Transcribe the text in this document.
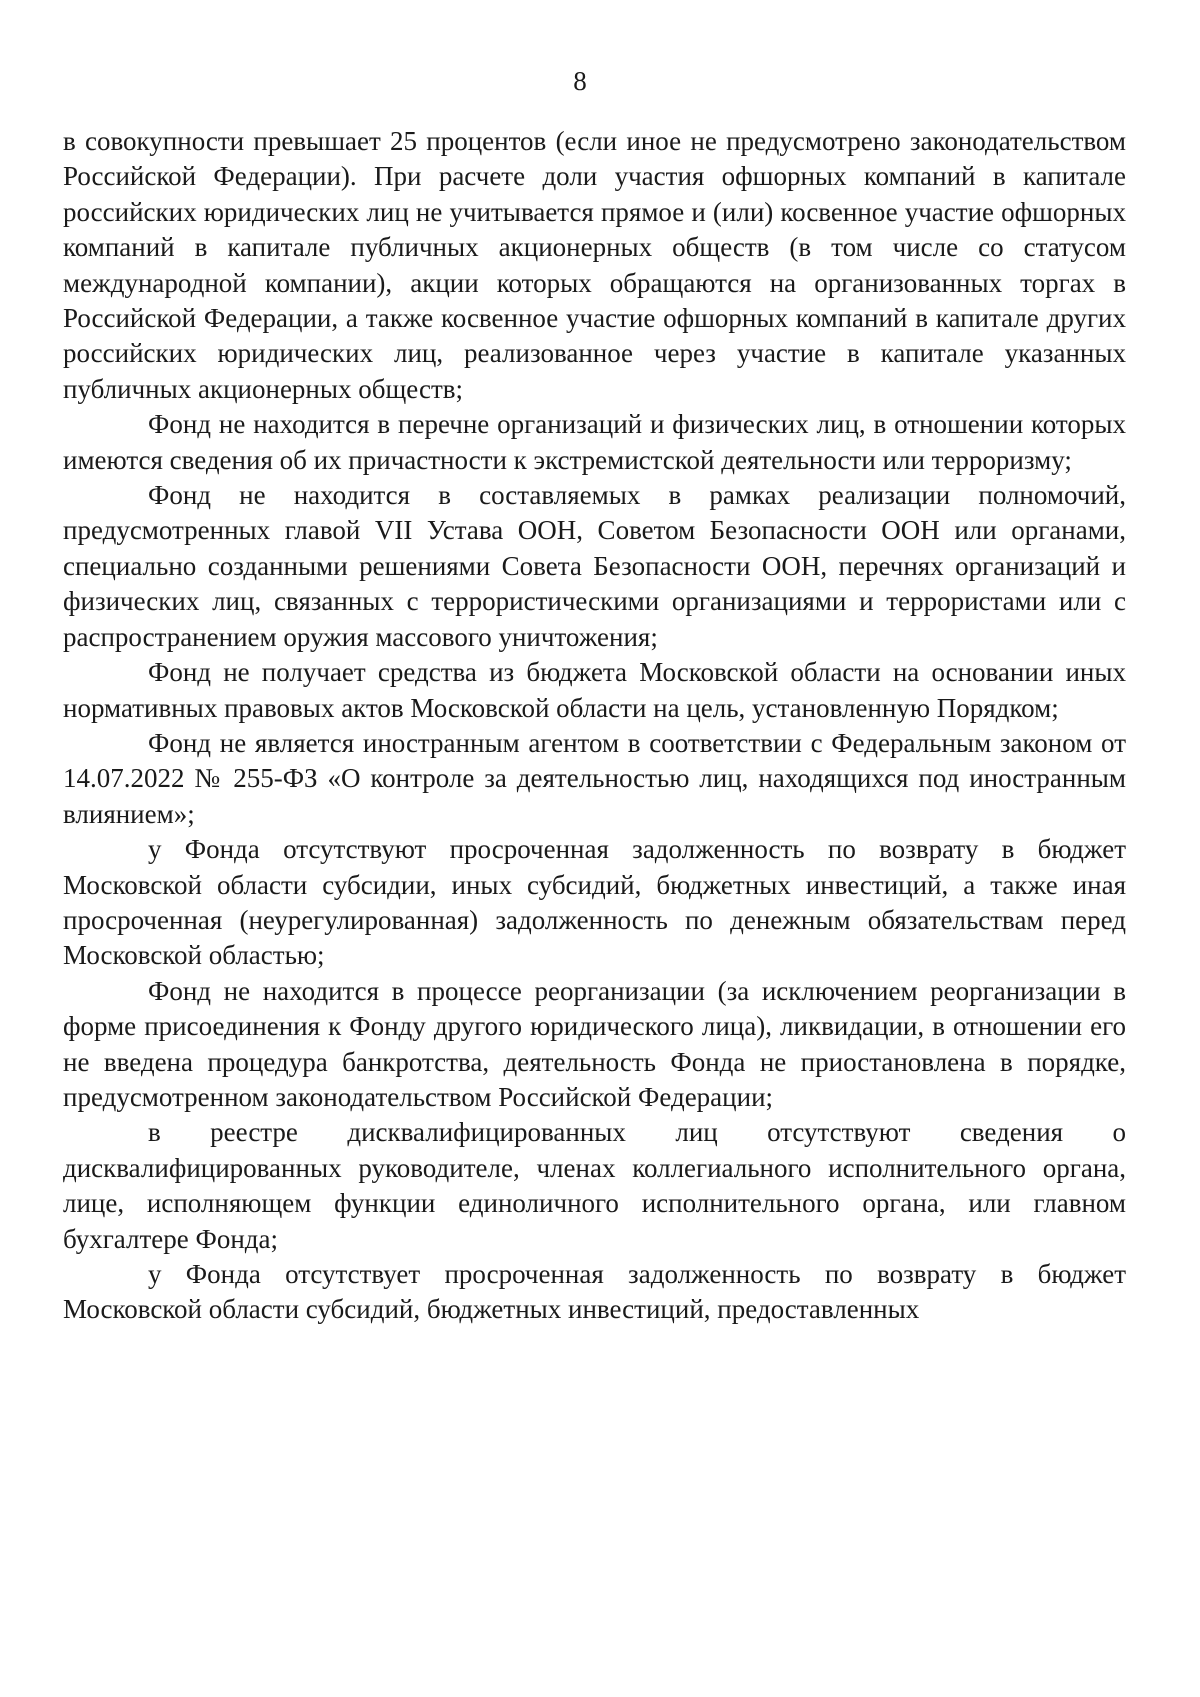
8

в совокупности превышает 25 процентов (если иное не предусмотрено законодательством Российской Федерации). При расчете доли участия офшорных компаний в капитале российских юридических лиц не учитывается прямое и (или) косвенное участие офшорных компаний в капитале публичных акционерных обществ (в том числе со статусом международной компании), акции которых обращаются на организованных торгах в Российской Федерации, а также косвенное участие офшорных компаний в капитале других российских юридических лиц, реализованное через участие в капитале указанных публичных акционерных обществ;

Фонд не находится в перечне организаций и физических лиц, в отношении которых имеются сведения об их причастности к экстремистской деятельности или терроризму;

Фонд не находится в составляемых в рамках реализации полномочий, предусмотренных главой VII Устава ООН, Советом Безопасности ООН или органами, специально созданными решениями Совета Безопасности ООН, перечнях организаций и физических лиц, связанных с террористическими организациями и террористами или с распространением оружия массового уничтожения;

Фонд не получает средства из бюджета Московской области на основании иных нормативных правовых актов Московской области на цель, установленную Порядком;

Фонд не является иностранным агентом в соответствии с Федеральным законом от 14.07.2022 № 255-ФЗ «О контроле за деятельностью лиц, находящихся под иностранным влиянием»;

у Фонда отсутствуют просроченная задолженность по возврату в бюджет Московской области субсидии, иных субсидий, бюджетных инвестиций, а также иная просроченная (неурегулированная) задолженность по денежным обязательствам перед Московской областью;

Фонд не находится в процессе реорганизации (за исключением реорганизации в форме присоединения к Фонду другого юридического лица), ликвидации, в отношении его не введена процедура банкротства, деятельность Фонда не приостановлена в порядке, предусмотренном законодательством Российской Федерации;

в реестре дисквалифицированных лиц отсутствуют сведения о дисквалифицированных руководителе, членах коллегиального исполнительного органа, лице, исполняющем функции единоличного исполнительного органа, или главном бухгалтере Фонда;

у Фонда отсутствует просроченная задолженность по возврату в бюджет Московской области субсидий, бюджетных инвестиций, предоставленных
